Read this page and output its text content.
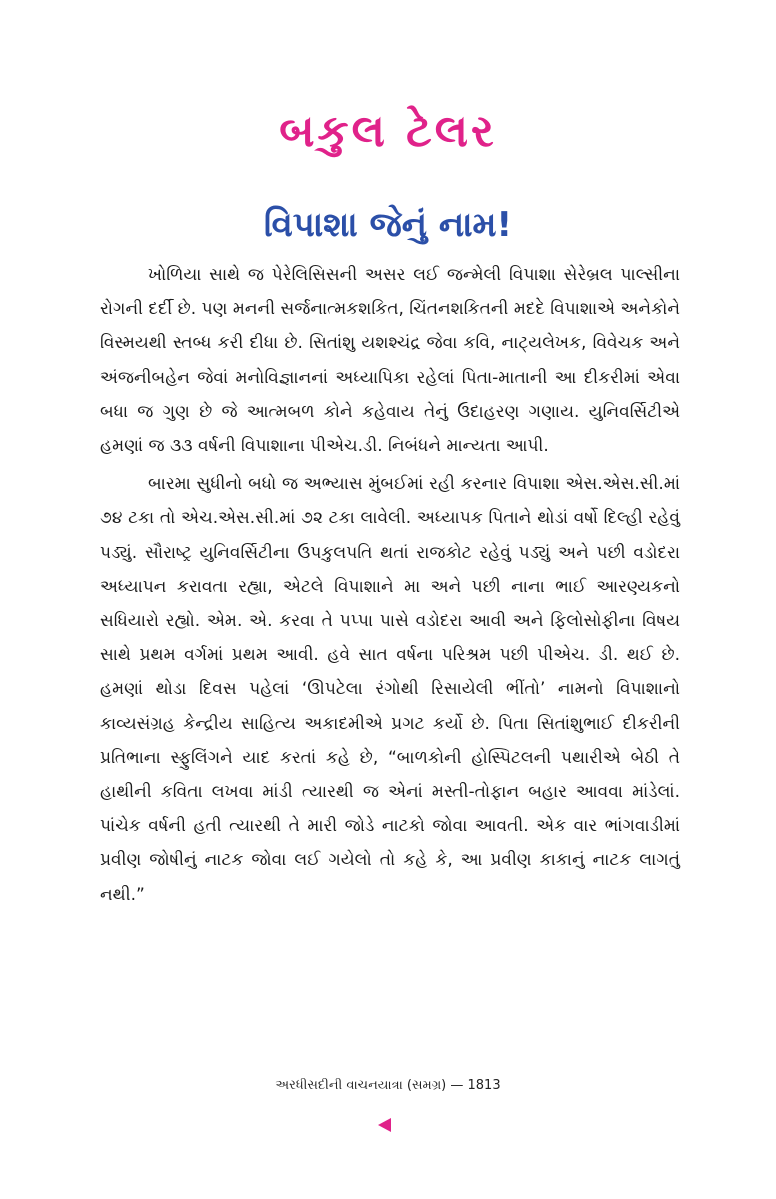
બકુલ ટેલર
વિપાશા જેનું નામ!

ખોળિયા સાથે જ પેરેલિસિસની અસર લઈ જન્મેલી વિપાશા સેરેબ્રલ પાલ્સીના રોગની દર્દી છે. પણ મનની સર્જનાત્મકશકિત, ચિંતનશકિતની મદદે વિપાશાએ અનેકોને વિસ્મયથી સ્તબ્ધ કરી દીધા છે. સિતાંશુ યશશ્ચંદ્ર જેવા કવિ, નાટ્યલેખક, વિવેચક અને અંજનીબહેન જેવાં મનોવિજ્ઞાનનાં અધ્યાપિકા રહેલાં પિતા-માતાની આ દીકરીમાં એવા બધા જ ગુણ છે જે આત્મબળ કોને કહેવાય તેનું ઉદાહરણ ગણાય. યુનિવર્સિટીએ હમણાં જ ૩૩ વર્ષની વિપાશાના પીએચ.ડી. નિબંધને માન્યતા આપી.

બારમા સુધીનો બધો જ અભ્યાસ મુંબઈમાં રહી કરનાર વિપાશા એસ.એસ.સી.માં ૭૪ ટકા તો એચ.એસ.સી.માં ૭૨ ટકા લાવેલી. અધ્યાપક પિતાને થોડાં વર્ષો દિલ્હી રહેવું પડ્યું. સૌરાષ્ટ્ર યુનિવર્સિટીના ઉપકુલપતિ થતાં રાજકોટ રહેવું પડ્યું અને પછી વડોદરા અધ્યાપન કરાવતા રહ્યા, એટલે વિપાશાને મા અને પછી નાના ભાઈ આરણ્યકનો સધિયારો રહ્યો. એમ. એ. કરવા તે પપ્પા પાસે વડોદરા આવી અને ફિલોસોફીના વિષય સાથે પ્રથમ વર્ગમાં પ્રથમ આવી. હવે સાત વર્ષના પરિશ્રમ પછી પીએચ. ડી. થઈ છે. હમણાં થોડા દિવસ પહેલાં ‘ઊપટેલા રંગોથી રિસાયેલી ભીંતો’ નામનો વિપાશાનો કાવ્યસંગ્રહ કેન્દ્રીય સાહિત્ય અકાદમીએ પ્રગટ કર્યો છે. પિતા સિતાંશુભાઈ દીકરીની પ્રતિભાના સ્ફુલિંગને યાદ કરતાં કહે છે, “બાળકોની હોસ્પિટલની પથારીએ બેઠી તે હાથીની કવિતા લખવા માંડી ત્યારથી જ એનાં મસ્તી-તોફાન બહાર આવવા માંડેલાં. પાંચેક વર્ષની હતી ત્યારથી તે મારી જોડે નાટકો જોવા આવતી. એક વાર ભાંગવાડીમાં પ્રવીણ જોષીનું નાટક જોવા લઈ ગયેલો તો કહે કે, આ પ્રવીણ કાકાનું નાટક લાગતું નથી.”

અરધીસદીની વાચનયાત્રા (સમગ્ર) — 1813
